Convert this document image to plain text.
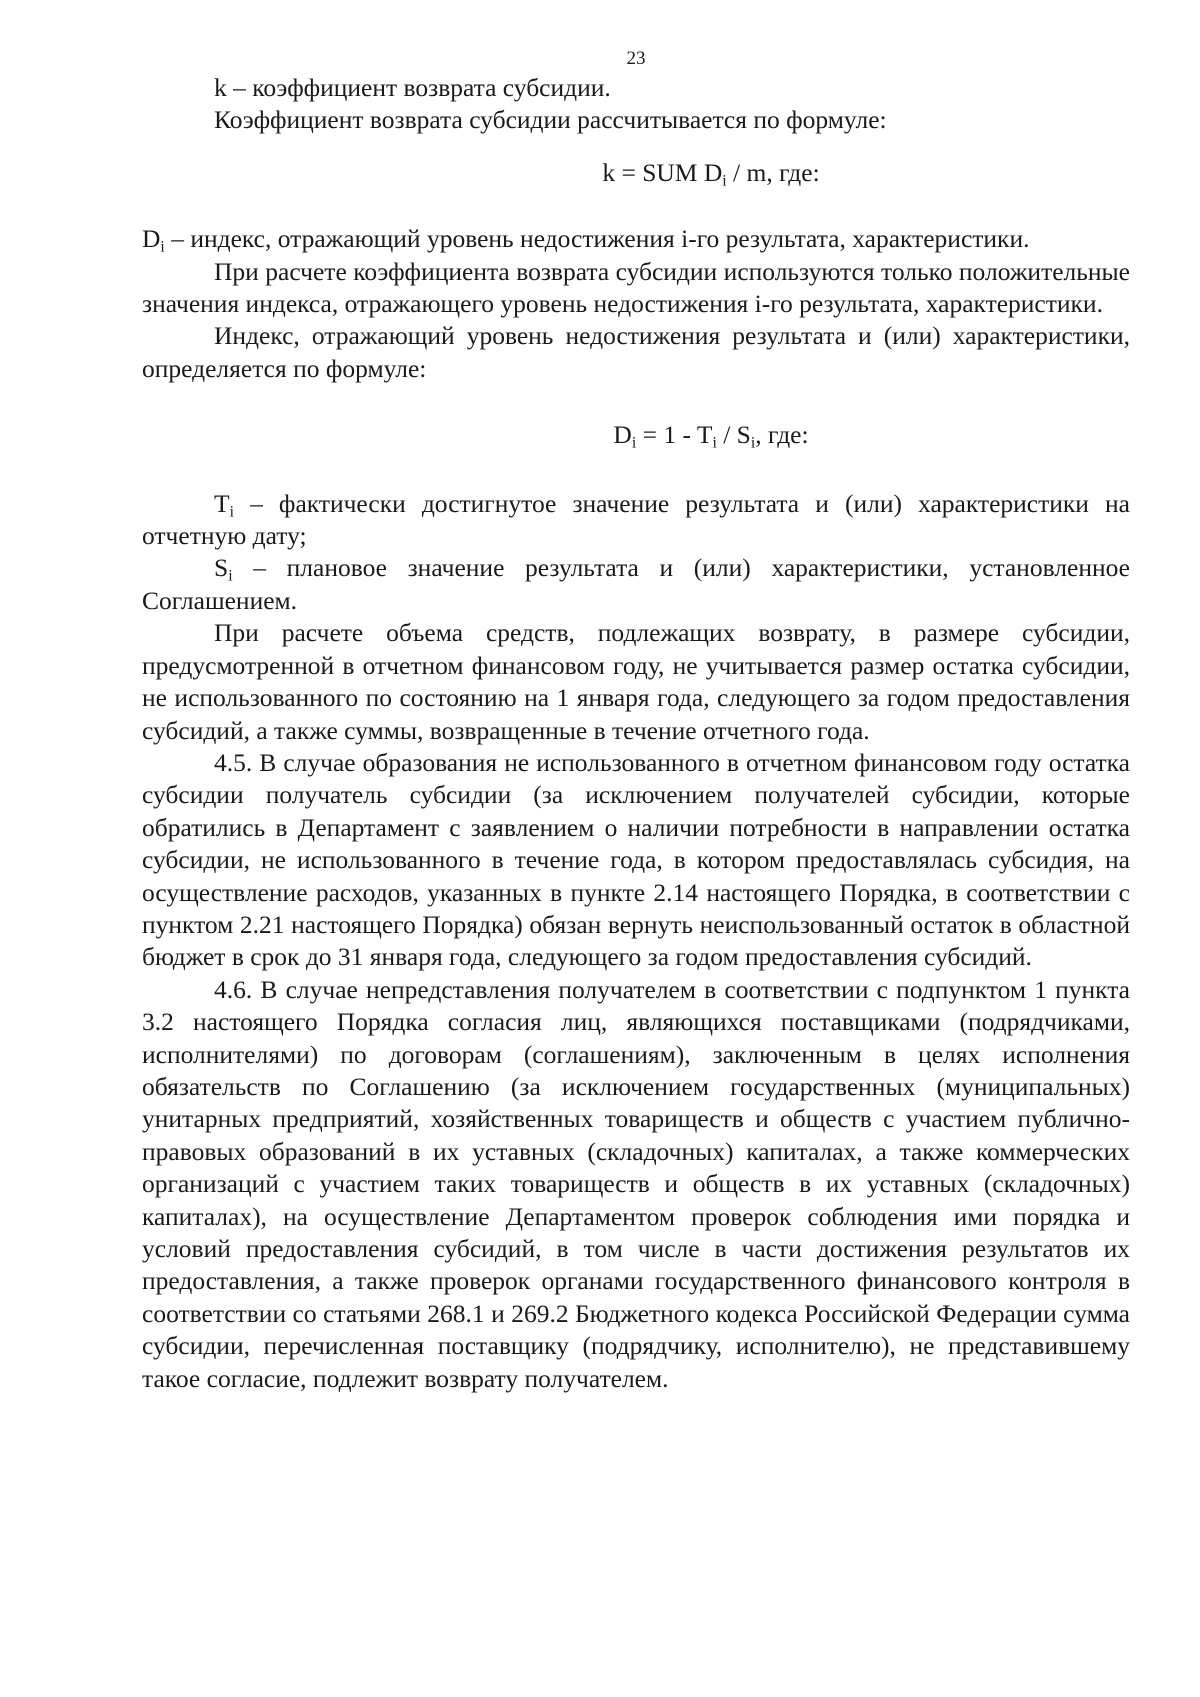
23

k – коэффициент возврата субсидии.

Коэффициент возврата субсидии рассчитывается по формуле:

k = SUM $D_i$ / m, где:

$D_i$ – индекс, отражающий уровень недостижения i-го результата, характеристики.

При расчете коэффициента возврата субсидии используются только положительные значения индекса, отражающего уровень недостижения i-го результата, характеристики.

Индекс, отражающий уровень недостижения результата и (или) характеристики, определяется по формуле:

$D_i = 1 - T_i / S_i$, где:

$T_i$ – фактически достигнутое значение результата и (или) характеристики на отчетную дату;

$S_i$ – плановое значение результата и (или) характеристики, установленное Соглашением.

При расчете объема средств, подлежащих возврату, в размере субсидии, предусмотренной в отчетном финансовом году, не учитывается размер остатка субсидии, не использованного по состоянию на 1 января года, следующего за годом предоставления субсидий, а также суммы, возвращенные в течение отчетного года.

4.5. В случае образования не использованного в отчетном финансовом году остатка субсидии получатель субсидии (за исключением получателей субсидии, которые обратились в Департамент с заявлением о наличии потребности в направлении остатка субсидии, не использованного в течение года, в котором предоставлялась субсидия, на осуществление расходов, указанных в пункте 2.14 настоящего Порядка, в соответствии с пунктом 2.21 настоящего Порядка) обязан вернуть неиспользованный остаток в областной бюджет в срок до 31 января года, следующего за годом предоставления субсидий.

4.6. В случае непредставления получателем в соответствии с подпунктом 1 пункта 3.2 настоящего Порядка согласия лиц, являющихся поставщиками (подрядчиками, исполнителями) по договорам (соглашениям), заключенным в целях исполнения обязательств по Соглашению (за исключением государственных (муниципальных) унитарных предприятий, хозяйственных товариществ и обществ с участием публично-правовых образований в их уставных (складочных) капиталах, а также коммерческих организаций с участием таких товариществ и обществ в их уставных (складочных) капиталах), на осуществление Департаментом проверок соблюдения ими порядка и условий предоставления субсидий, в том числе в части достижения результатов их предоставления, а также проверок органами государственного финансового контроля в соответствии со статьями 268.1 и 269.2 Бюджетного кодекса Российской Федерации сумма субсидии, перечисленная поставщику (подрядчику, исполнителю), не представившему такое согласие, подлежит возврату получателем.
